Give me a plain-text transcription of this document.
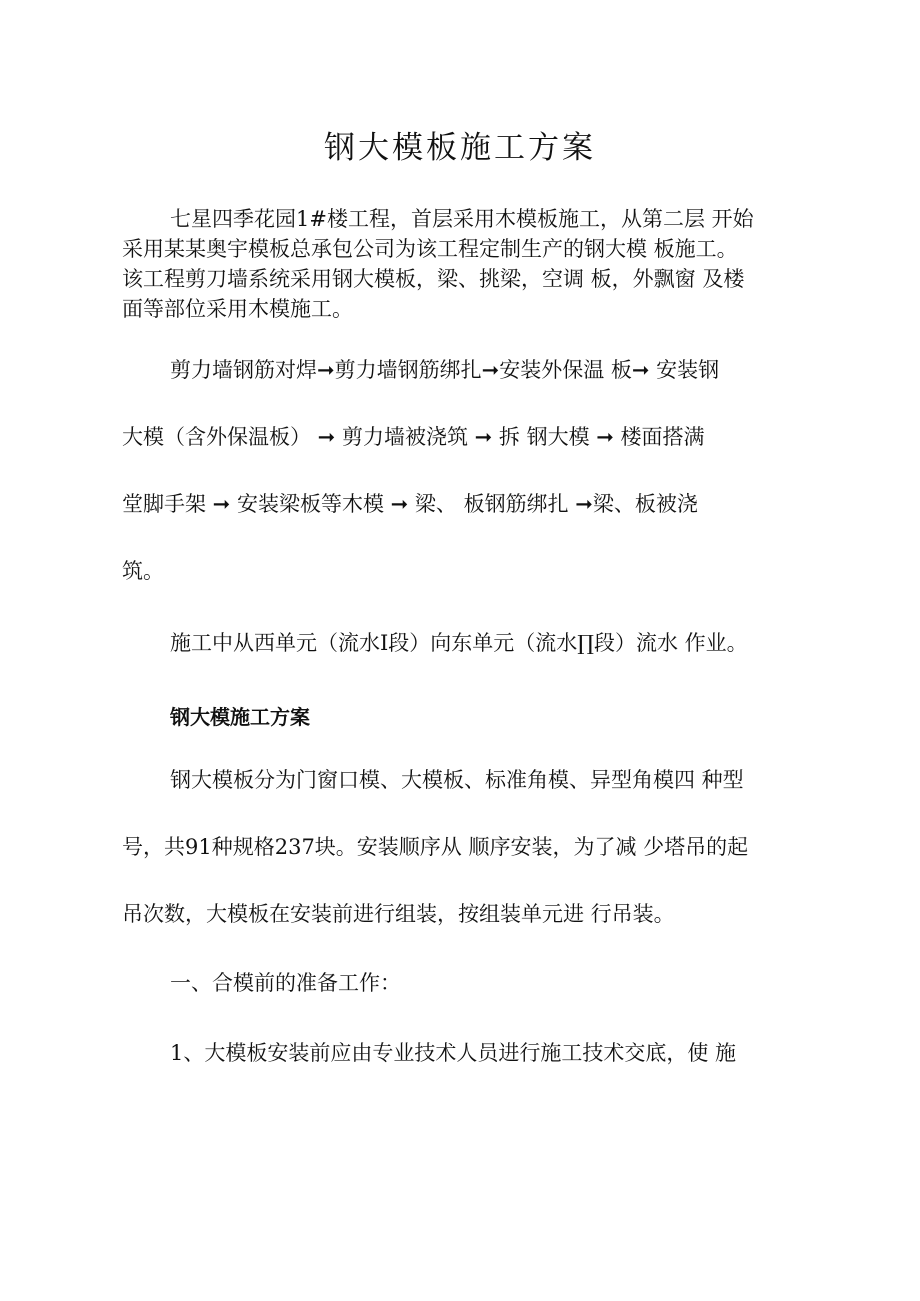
钢大模板施工方案

七星四季花园1#楼工程，首层采用木模板施工，从第二层 开始
采用某某奥宇模板总承包公司为该工程定制生产的钢大模 板施工。
该工程剪刀墙系统采用钢大模板，梁、挑梁，空调 板，外飘窗 及楼
面等部位采用木模施工。

剪力墙钢筋对焊➞剪力墙钢筋绑扎➞安装外保温 板➞ 安装钢
大模（含外保温板） ➞ 剪力墙被浇筑 ➞ 拆 钢大模 ➞ 楼面搭满
堂脚手架 ➞ 安装梁板等木模 ➞ 梁、 板钢筋绑扎 ➞梁、板被浇
筑。

施工中从西单元（流水I段）向东单元（流水∏段）流水 作业。

钢大模施工方案

钢大模板分为门窗口模、大模板、标准角模、异型角模四 种型
号，共91种规格237块。安装顺序从 顺序安装，为了减 少塔吊的起
吊次数，大模板在安装前进行组装，按组装单元进 行吊装。

一、合模前的准备工作：

1、大模板安装前应由专业技术人员进行施工技术交底，使 施
